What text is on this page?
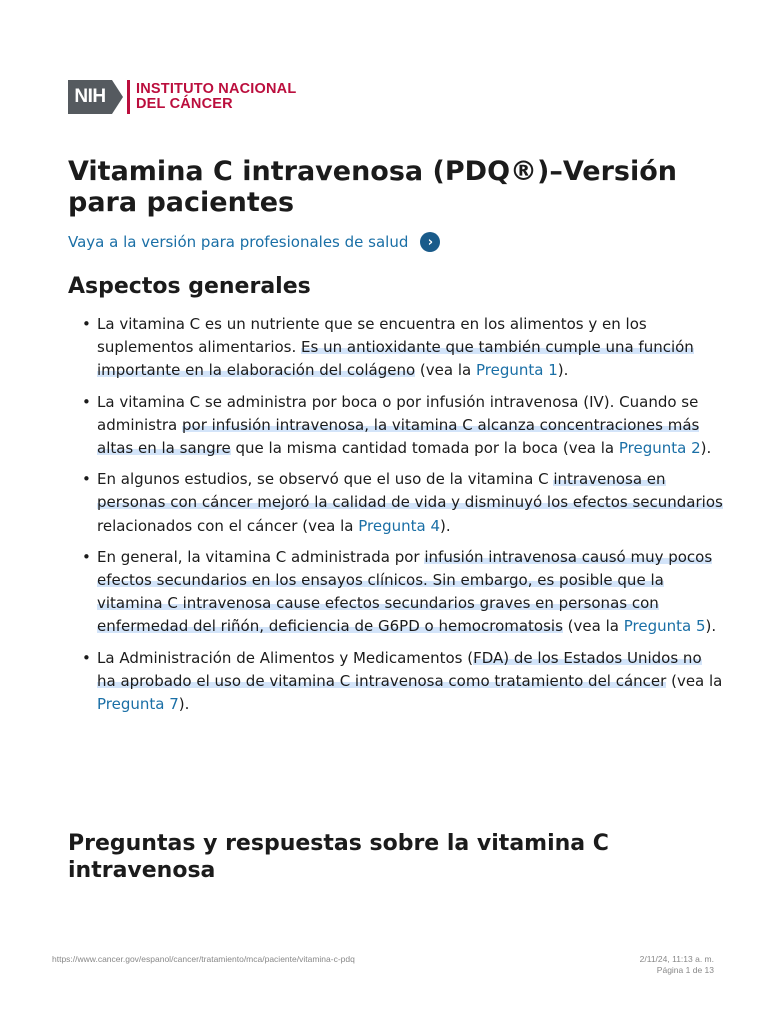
NIH	INSTITUTO NACIONAL
DEL CÁNCER
Vitamina C intravenosa (PDQ®)–Versión para pacientes
Vaya a la versión para profesionales de salud	›
Aspectos generales
• La vitamina C es un nutriente que se encuentra en los alimentos y en los suplementos alimentarios. Es un antioxidante que también cumple una función importante en la elaboración del colágeno (vea la Pregunta 1).
• La vitamina C se administra por boca o por infusión intravenosa (IV). Cuando se administra por infusión intravenosa, la vitamina C alcanza concentraciones más altas en la sangre que la misma cantidad tomada por la boca (vea la Pregunta 2).
• En algunos estudios, se observó que el uso de la vitamina C intravenosa en personas con cáncer mejoró la calidad de vida y disminuyó los efectos secundarios relacionados con el cáncer (vea la Pregunta 4).
• En general, la vitamina C administrada por infusión intravenosa causó muy pocos efectos secundarios en los ensayos clínicos. Sin embargo, es posible que la vitamina C intravenosa cause efectos secundarios graves en personas con enfermedad del riñón, deficiencia de G6PD o hemocromatosis (vea la Pregunta 5).
• La Administración de Alimentos y Medicamentos (FDA) de los Estados Unidos no ha aprobado el uso de vitamina C intravenosa como tratamiento del cáncer (vea la Pregunta 7).
Preguntas y respuestas sobre la vitamina C intravenosa
https://www.cancer.gov/espanol/cancer/tratamiento/mca/paciente/vitamina-c-pdq	2/11/24, 11:13 a. m.
Página 1 de 13
